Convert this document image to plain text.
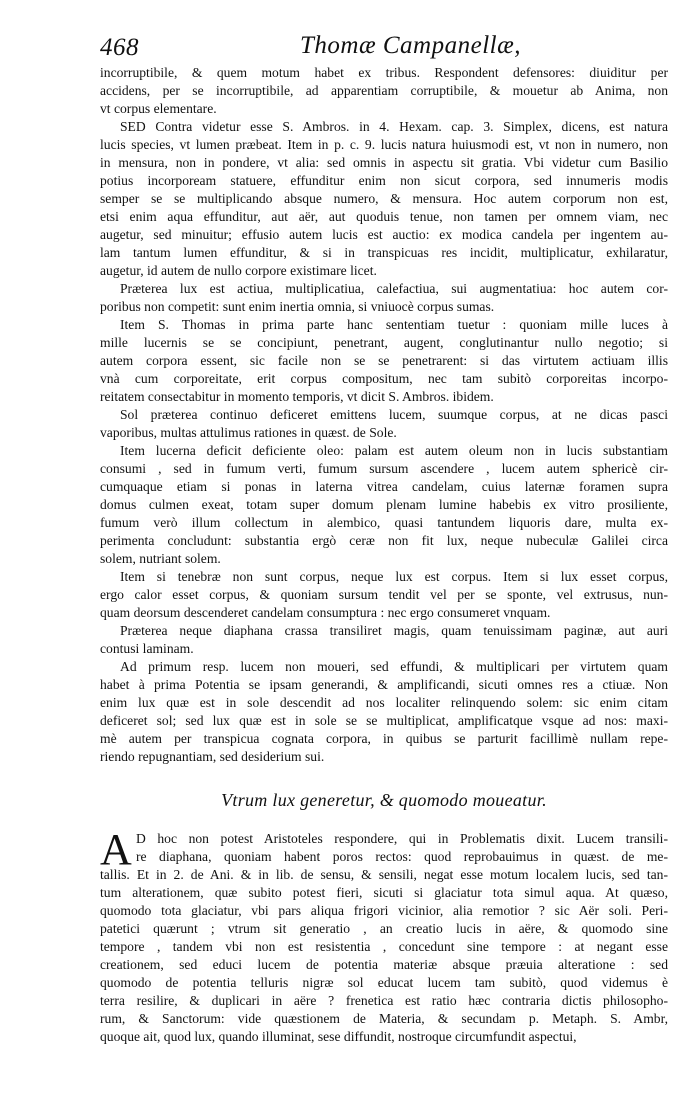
468	Thomæ Campanellæ,
incorruptibile, & quem motum habet ex tribus. Respondent defensores: diuiditur per
accidens, per se incorruptibile, ad apparentiam corruptibile, & mouetur ab Anima, non
vt corpus elementare.
SED Contra videtur esse S. Ambros. in 4. Hexam. cap. 3. Simplex, dicens, est natura
lucis species, vt lumen præbeat. Item in p. c. 9. lucis natura huiusmodi est, vt non in numero, non
in mensura, non in pondere, vt alia: sed omnis in aspectu sit gratia. Vbi videtur cum Basilio
potius incorpoream statuere, effunditur enim non sicut corpora, sed innumeris modis
semper se se multiplicando absque numero, & mensura. Hoc autem corporum non est,
etsi enim aqua effunditur, aut aër, aut quoduis tenue, non tamen per omnem viam, nec
augetur, sed minuitur; effusio autem lucis est auctio: ex modica candela per ingentem au-
lam tantum lumen effunditur, & si in transpicuas res incidit, multiplicatur, exhilaratur,
augetur, id autem de nullo corpore existimare licet.
Præterea lux est actiua, multiplicatiua, calefactiua, sui augmentatiua: hoc autem cor-
poribus non competit: sunt enim inertia omnia, si vniuocè corpus sumas.
Item S. Thomas in prima parte hanc sententiam tuetur : quoniam mille luces à
mille lucernis se se concipiunt, penetrant, augent, conglutinantur nullo negotio; si
autem corpora essent, sic facile non se se penetrarent: si das virtutem actiuam illis
vnà cum corporeitate, erit corpus compositum, nec tam subitò corporeitas incorpo-
reitatem consectabitur in momento temporis, vt dicit S. Ambros. ibidem.
Sol præterea continuo deficeret emittens lucem, suumque corpus, at ne dicas pasci
vaporibus, multas attulimus rationes in quæst. de Sole.
Item lucerna deficit deficiente oleo: palam est autem oleum non in lucis substantiam
consumi , sed in fumum verti, fumum sursum ascendere , lucem autem sphericè cir-
cumquaque etiam si ponas in laterna vitrea candelam, cuius laternæ foramen supra
domus culmen exeat, totam super domum plenam lumine habebis ex vitro prosiliente,
fumum verò illum collectum in alembico, quasi tantundem liquoris dare, multa ex-
perimenta concludunt: substantia ergò ceræ non fit lux, neque nubeculæ Galilei circa
solem, nutriant solem.
Item si tenebræ non sunt corpus, neque lux est corpus. Item si lux esset corpus,
ergo calor esset corpus, & quoniam sursum tendit vel per se sponte, vel extrusus, nun-
quam deorsum descenderet candelam consumptura : nec ergo consumeret vnquam.
Præterea neque diaphana crassa transiliret magis, quam tenuissimam paginæ, aut auri
contusi laminam.
Ad primum resp. lucem non moueri, sed effundi, & multiplicari per virtutem quam
habet à prima Potentia se ipsam generandi, & amplificandi, sicuti omnes res a ctiuæ. Non
enim lux quæ est in sole descendit ad nos localiter relinquendo solem: sic enim citam
deficeret sol; sed lux quæ est in sole se se multiplicat, amplificatque vsque ad nos: maxi-
mè autem per transpicua cognata corpora, in quibus se parturit facillimè nullam repe-
riendo repugnantiam, sed desiderium sui.
Vtrum lux generetur, & quomodo moueatur.
A D hoc non potest Aristoteles respondere, qui in Problematis dixit. Lucem transili-
re diaphana, quoniam habent poros rectos: quod reprobauimus in quæst. de me-
tallis. Et in 2. de Ani. & in lib. de sensu, & sensili, negat esse motum localem lucis, sed tan-
tum alterationem, quæ subito potest fieri, sicuti si glaciatur tota simul aqua. At quæso,
quomodo tota glaciatur, vbi pars aliqua frigori vicinior, alia remotior ? sic Aër soli. Peri-
patetici quærunt ; vtrum sit generatio , an creatio lucis in aëre, & quomodo sine
tempore , tandem vbi non est resistentia , concedunt sine tempore : at negant esse
creationem, sed educi lucem de potentia materiæ absque præuia alteratione : sed
quomodo de potentia telluris nigræ sol educat lucem tam subitò, quod videmus è
terra resilire, & duplicari in aëre ? frenetica est ratio hæc contraria dictis philosopho-
rum, & Sanctorum: vide quæstionem de Materia, & secundam p. Metaph. S. Ambr,
quoque ait, quod lux, quando illuminat, sese diffundit, nostroque circumfundit aspectui,
